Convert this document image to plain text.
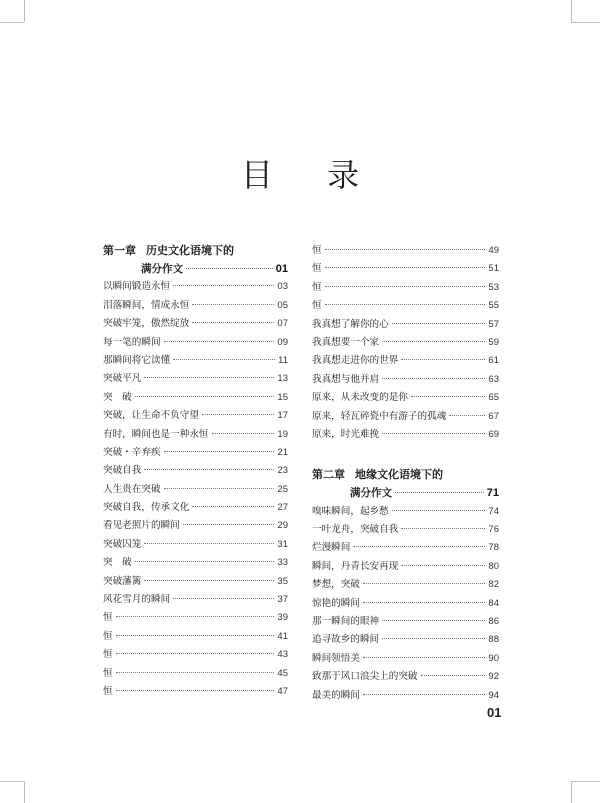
目 录
第一章 历史文化语境下的
满分作文	01
以瞬间锻造永恒	03
泪落瞬间，情成永恒	05
突破牢笼，傲然绽放	07
每一笔的瞬间	09
那瞬间将它读懂	11
突破平凡	13
突　破	15
突破，让生命不负守望	17
有时，瞬间也是一种永恒	19
突破・辛弃疾	21
突破自我	23
人生贵在突破	25
突破自我，传承文化	27
看见老照片的瞬间	29
突破囚笼	31
突　破	33
突破藩篱	35
风花雪月的瞬间	37
恒	39
恒	41
恒	43
恒	45
恒	47
恒	49
恒	51
恒	53
恒	55
我真想了解你的心	57
我真想要一个家	59
我真想走进你的世界	61
我真想与他并肩	63
原来，从未改变的是你	65
原来，轻瓦碎瓷中有游子的孤魂	67
原来，时光难挽	69
第二章 地缘文化语境下的
满分作文	71
嗅味瞬间，起乡愁	74
一叶龙舟，突破自我	76
烂漫瞬间	78
瞬间，丹青长安再现	80
梦想，突破	82
惊艳的瞬间	84
那一瞬间的眼神	86
追寻故乡的瞬间	88
瞬间领悟美	90
致那于风口浪尖上的突破	92
最美的瞬间	94
01
